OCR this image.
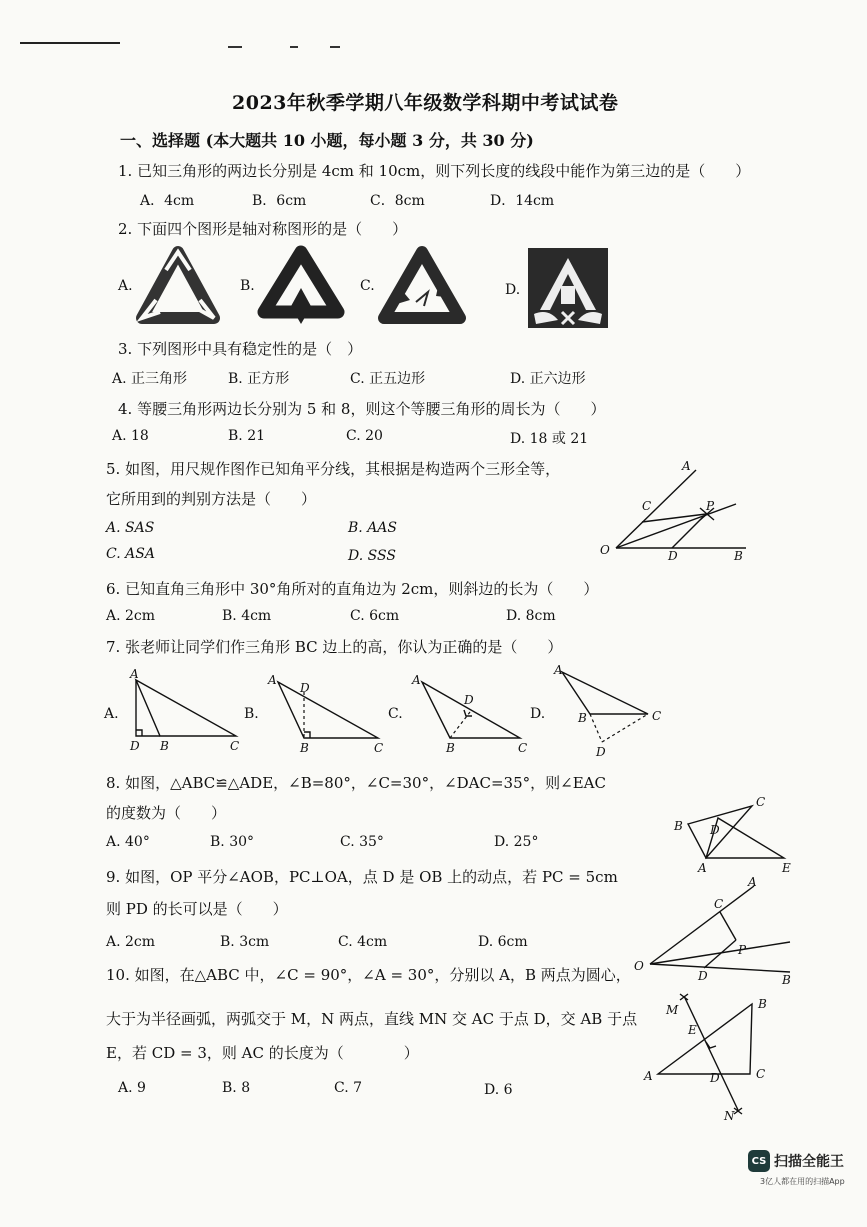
2023年秋季学期八年级数学科期中考试试卷
一、选择题 (本大题共 10 小题，每小题 3 分，共 30 分)
1. 已知三角形的两边长分别是 4cm 和 10cm，则下列长度的线段中能作为第三边的是（　　）
A．4cm	B．6cm	C．8cm	D．14cm
2. 下面四个图形是轴对称图形的是（　　）
A.	B.	C.	D.
3. 下列图形中具有稳定性的是（　）
A. 正三角形	B. 正方形	C. 正五边形	D. 正六边形
4. 等腰三角形两边长分别为 5 和 8，则这个等腰三角形的周长为（　　）
A. 18	B. 21	C. 20	D. 18 或 21
5. 如图，用尺规作图作已知角平分线，其根据是构造两个三形全等，
它所用到的判别方法是（　　）
A. SAS	B. AAS
C. ASA	D. SSS
A
C	P
O	D	B
6. 已知直角三角形中 30°角所对的直角边为 2cm，则斜边的长为（　　）
A. 2cm	B. 4cm	C. 6cm	D. 8cm
7. 张老师让同学们作三角形 BC 边上的高，你认为正确的是（　　）
A.	B.	C.	D.
A
D B	C
A
D
B	C
A
D
B	C
A
B	C
D
8. 如图，△ABC≌△ADE，∠B=80°，∠C=30°，∠DAC=35°，则∠EAC
的度数为（　　）
A. 40°	B. 30°	C. 35°	D. 25°
B
C
D
A	E
9. 如图，OP 平分∠AOB，PC⊥OA，点 D 是 OB 上的动点，若 PC = 5cm
则 PD 的长可以是（　　）
A. 2cm	B. 3cm	C. 4cm	D. 6cm
A
C
P
O
D	B
10. 如图，在△ABC 中，∠C = 90°，∠A = 30°，分别以 A，B 两点为圆心，
大于为半径画弧，两弧交于 M，N 两点，直线 MN 交 AC 于点 D，交 AB 于点
E，若 CD = 3，则 AC 的长度为（　　　　）
A. 9	B. 8	C. 7	D. 6
M	B
E
A	D	C
N
CS 扫描全能王
3亿人都在用的扫描App
